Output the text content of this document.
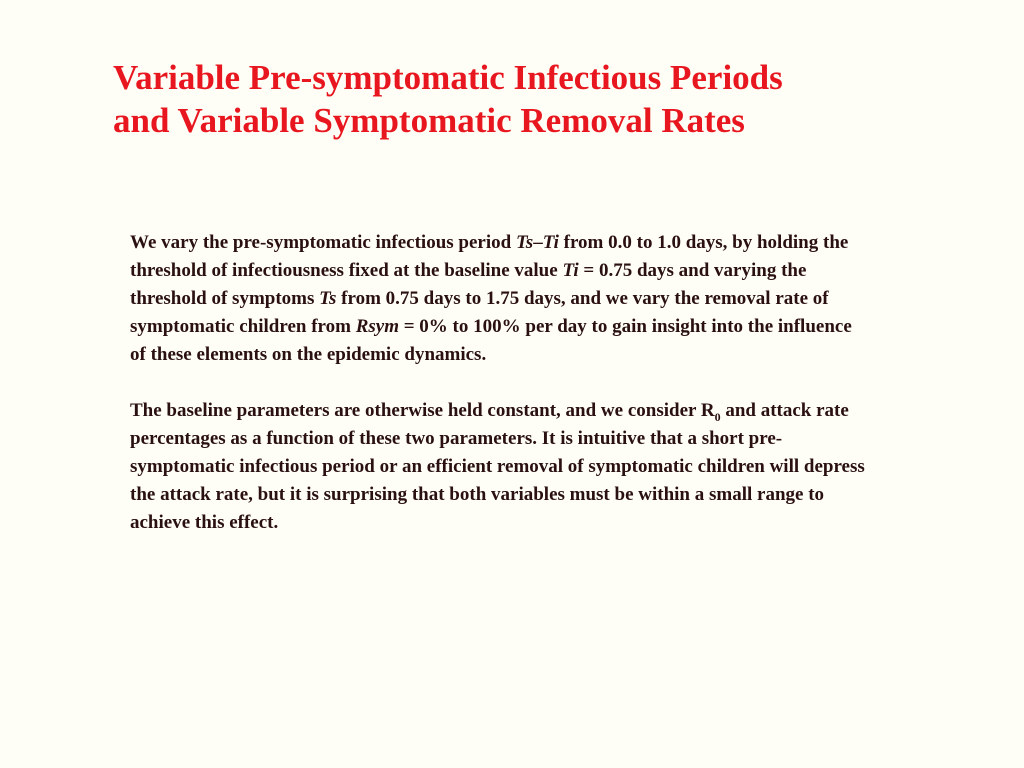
Variable Pre-symptomatic Infectious Periods
and Variable Symptomatic Removal Rates

We vary the pre-symptomatic infectious period Ts–Ti from 0.0 to 1.0 days, by holding the threshold of infectiousness fixed at the baseline value Ti = 0.75 days and varying the threshold of symptoms Ts from 0.75 days to 1.75 days, and we vary the removal rate of symptomatic children from Rsym = 0% to 100% per day to gain insight into the influence of these elements on the epidemic dynamics.

The baseline parameters are otherwise held constant, and we consider $R_0$ and attack rate percentages as a function of these two parameters. It is intuitive that a short pre-symptomatic infectious period or an efficient removal of symptomatic children will depress the attack rate, but it is surprising that both variables must be within a small range to achieve this effect.
